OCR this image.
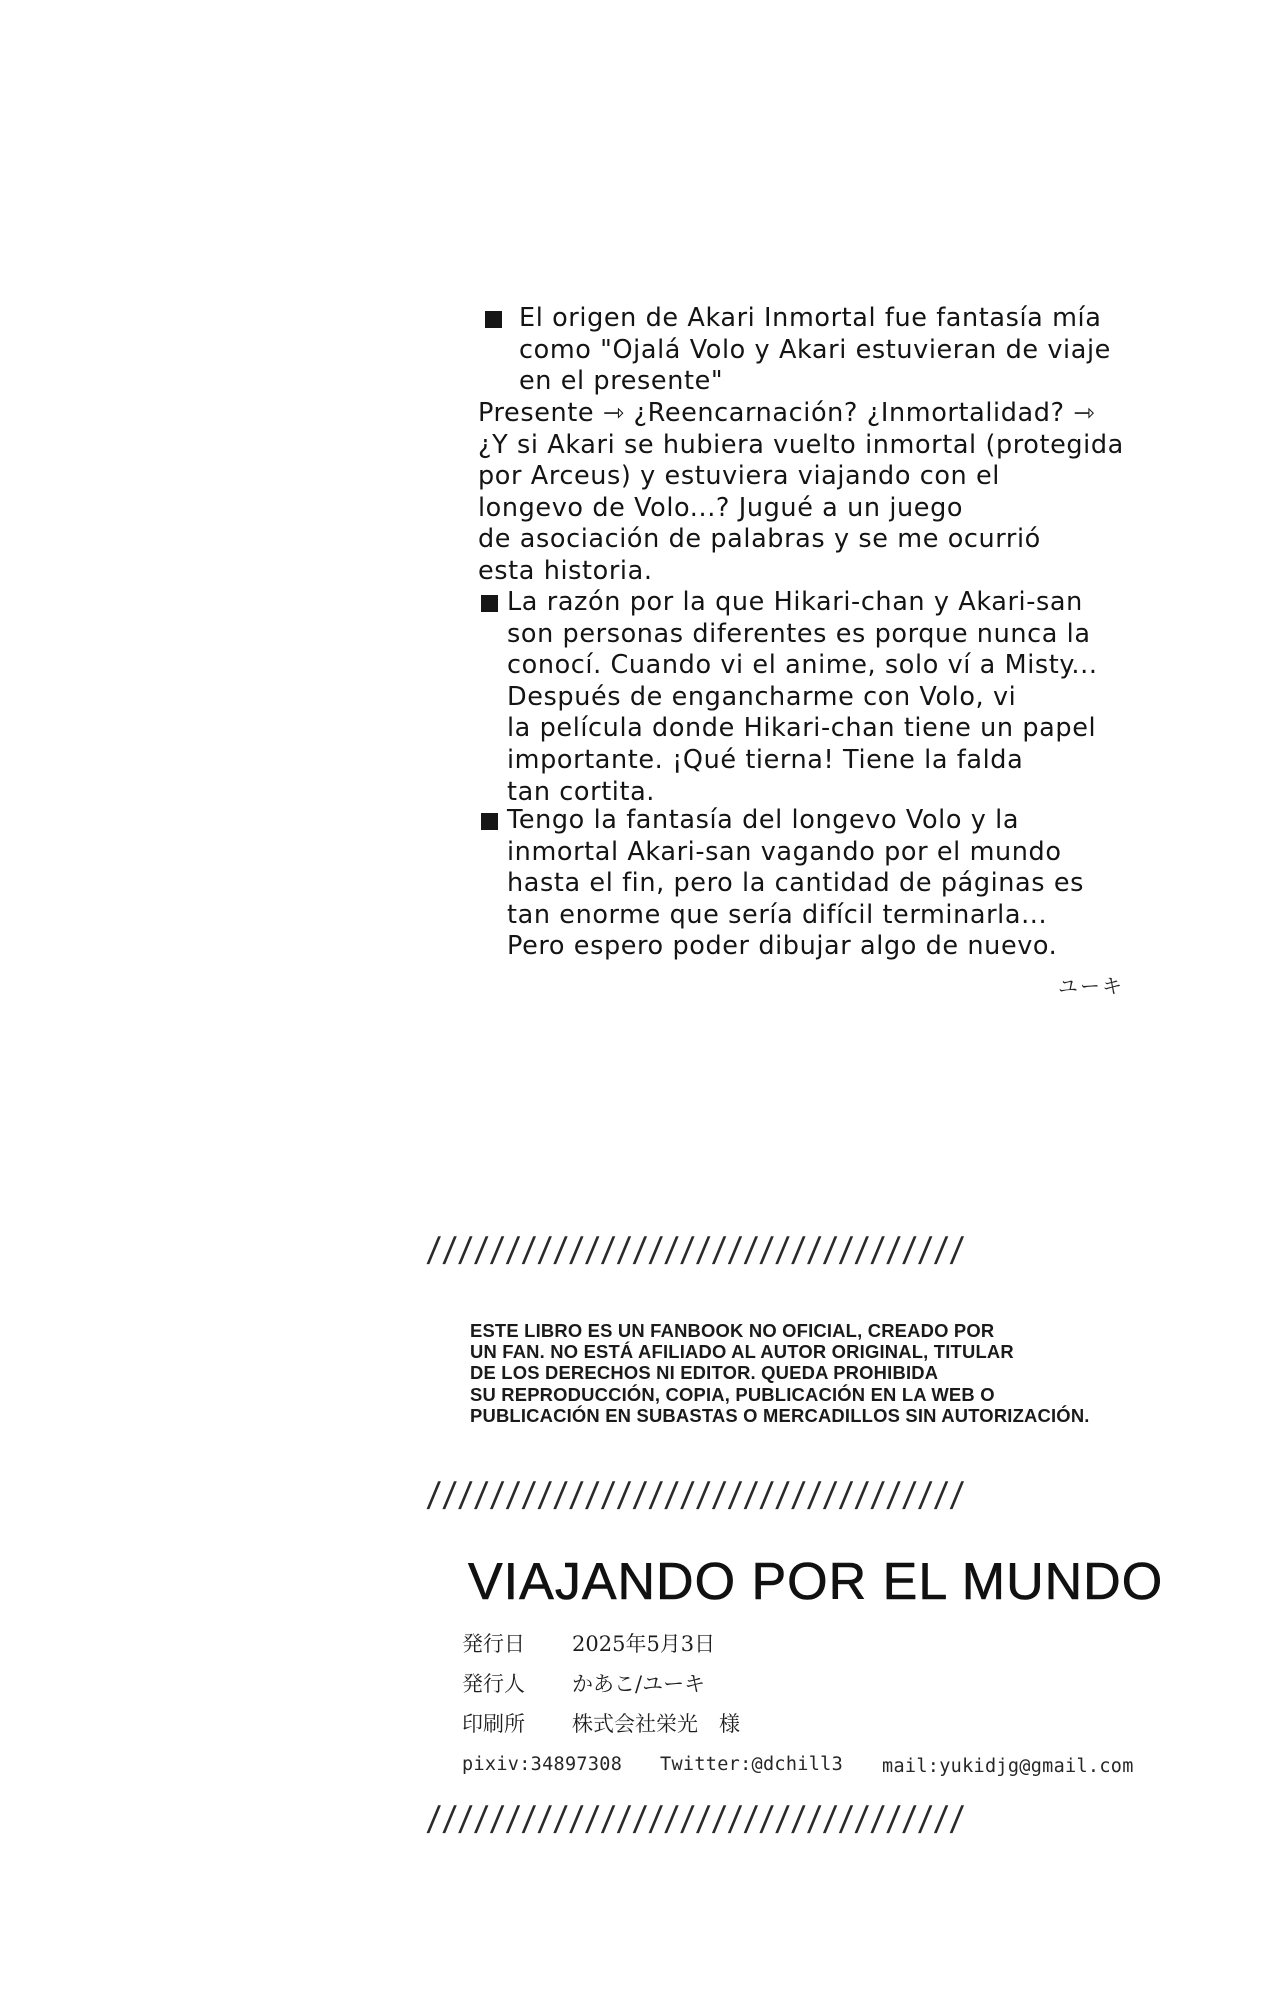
El origen de Akari Inmortal fue fantasía mía
como "Ojalá Volo y Akari estuvieran de viaje
en el presente"
Presente ⇾ ¿Reencarnación? ¿Inmortalidad? ⇾
¿Y si Akari se hubiera vuelto inmortal (protegida
por Arceus) y estuviera viajando con el
longevo de Volo...? Jugué a un juego
de asociación de palabras y se me ocurrió
esta historia.
La razón por la que Hikari-chan y Akari-san
son personas diferentes es porque nunca la
conocí. Cuando vi el anime, solo ví a Misty...
Después de engancharme con Volo, vi
la película donde Hikari-chan tiene un papel
importante. ¡Qué tierna! Tiene la falda
tan cortita.
Tengo la fantasía del longevo Volo y la
inmortal Akari-san vagando por el mundo
hasta el fin, pero la cantidad de páginas es
tan enorme que sería difícil terminarla...
Pero espero poder dibujar algo de nuevo.
ユーキ
//////////////////////////////////
ESTE LIBRO ES UN FANBOOK NO OFICIAL, CREADO POR
UN FAN. NO ESTÁ AFILIADO AL AUTOR ORIGINAL, TITULAR
DE LOS DERECHOS NI EDITOR. QUEDA PROHIBIDA
SU REPRODUCCIÓN, COPIA, PUBLICACIÓN EN LA WEB O
PUBLICACIÓN EN SUBASTAS O MERCADILLOS SIN AUTORIZACIÓN.
//////////////////////////////////
VIAJANDO POR EL MUNDO
発行日 2025年5月3日
発行人 かあこ/ユーキ
印刷所 株式会社栄光　様
pixiv:34897308 Twitter:@dchill3 mail:yukidjg@gmail.com
//////////////////////////////////
